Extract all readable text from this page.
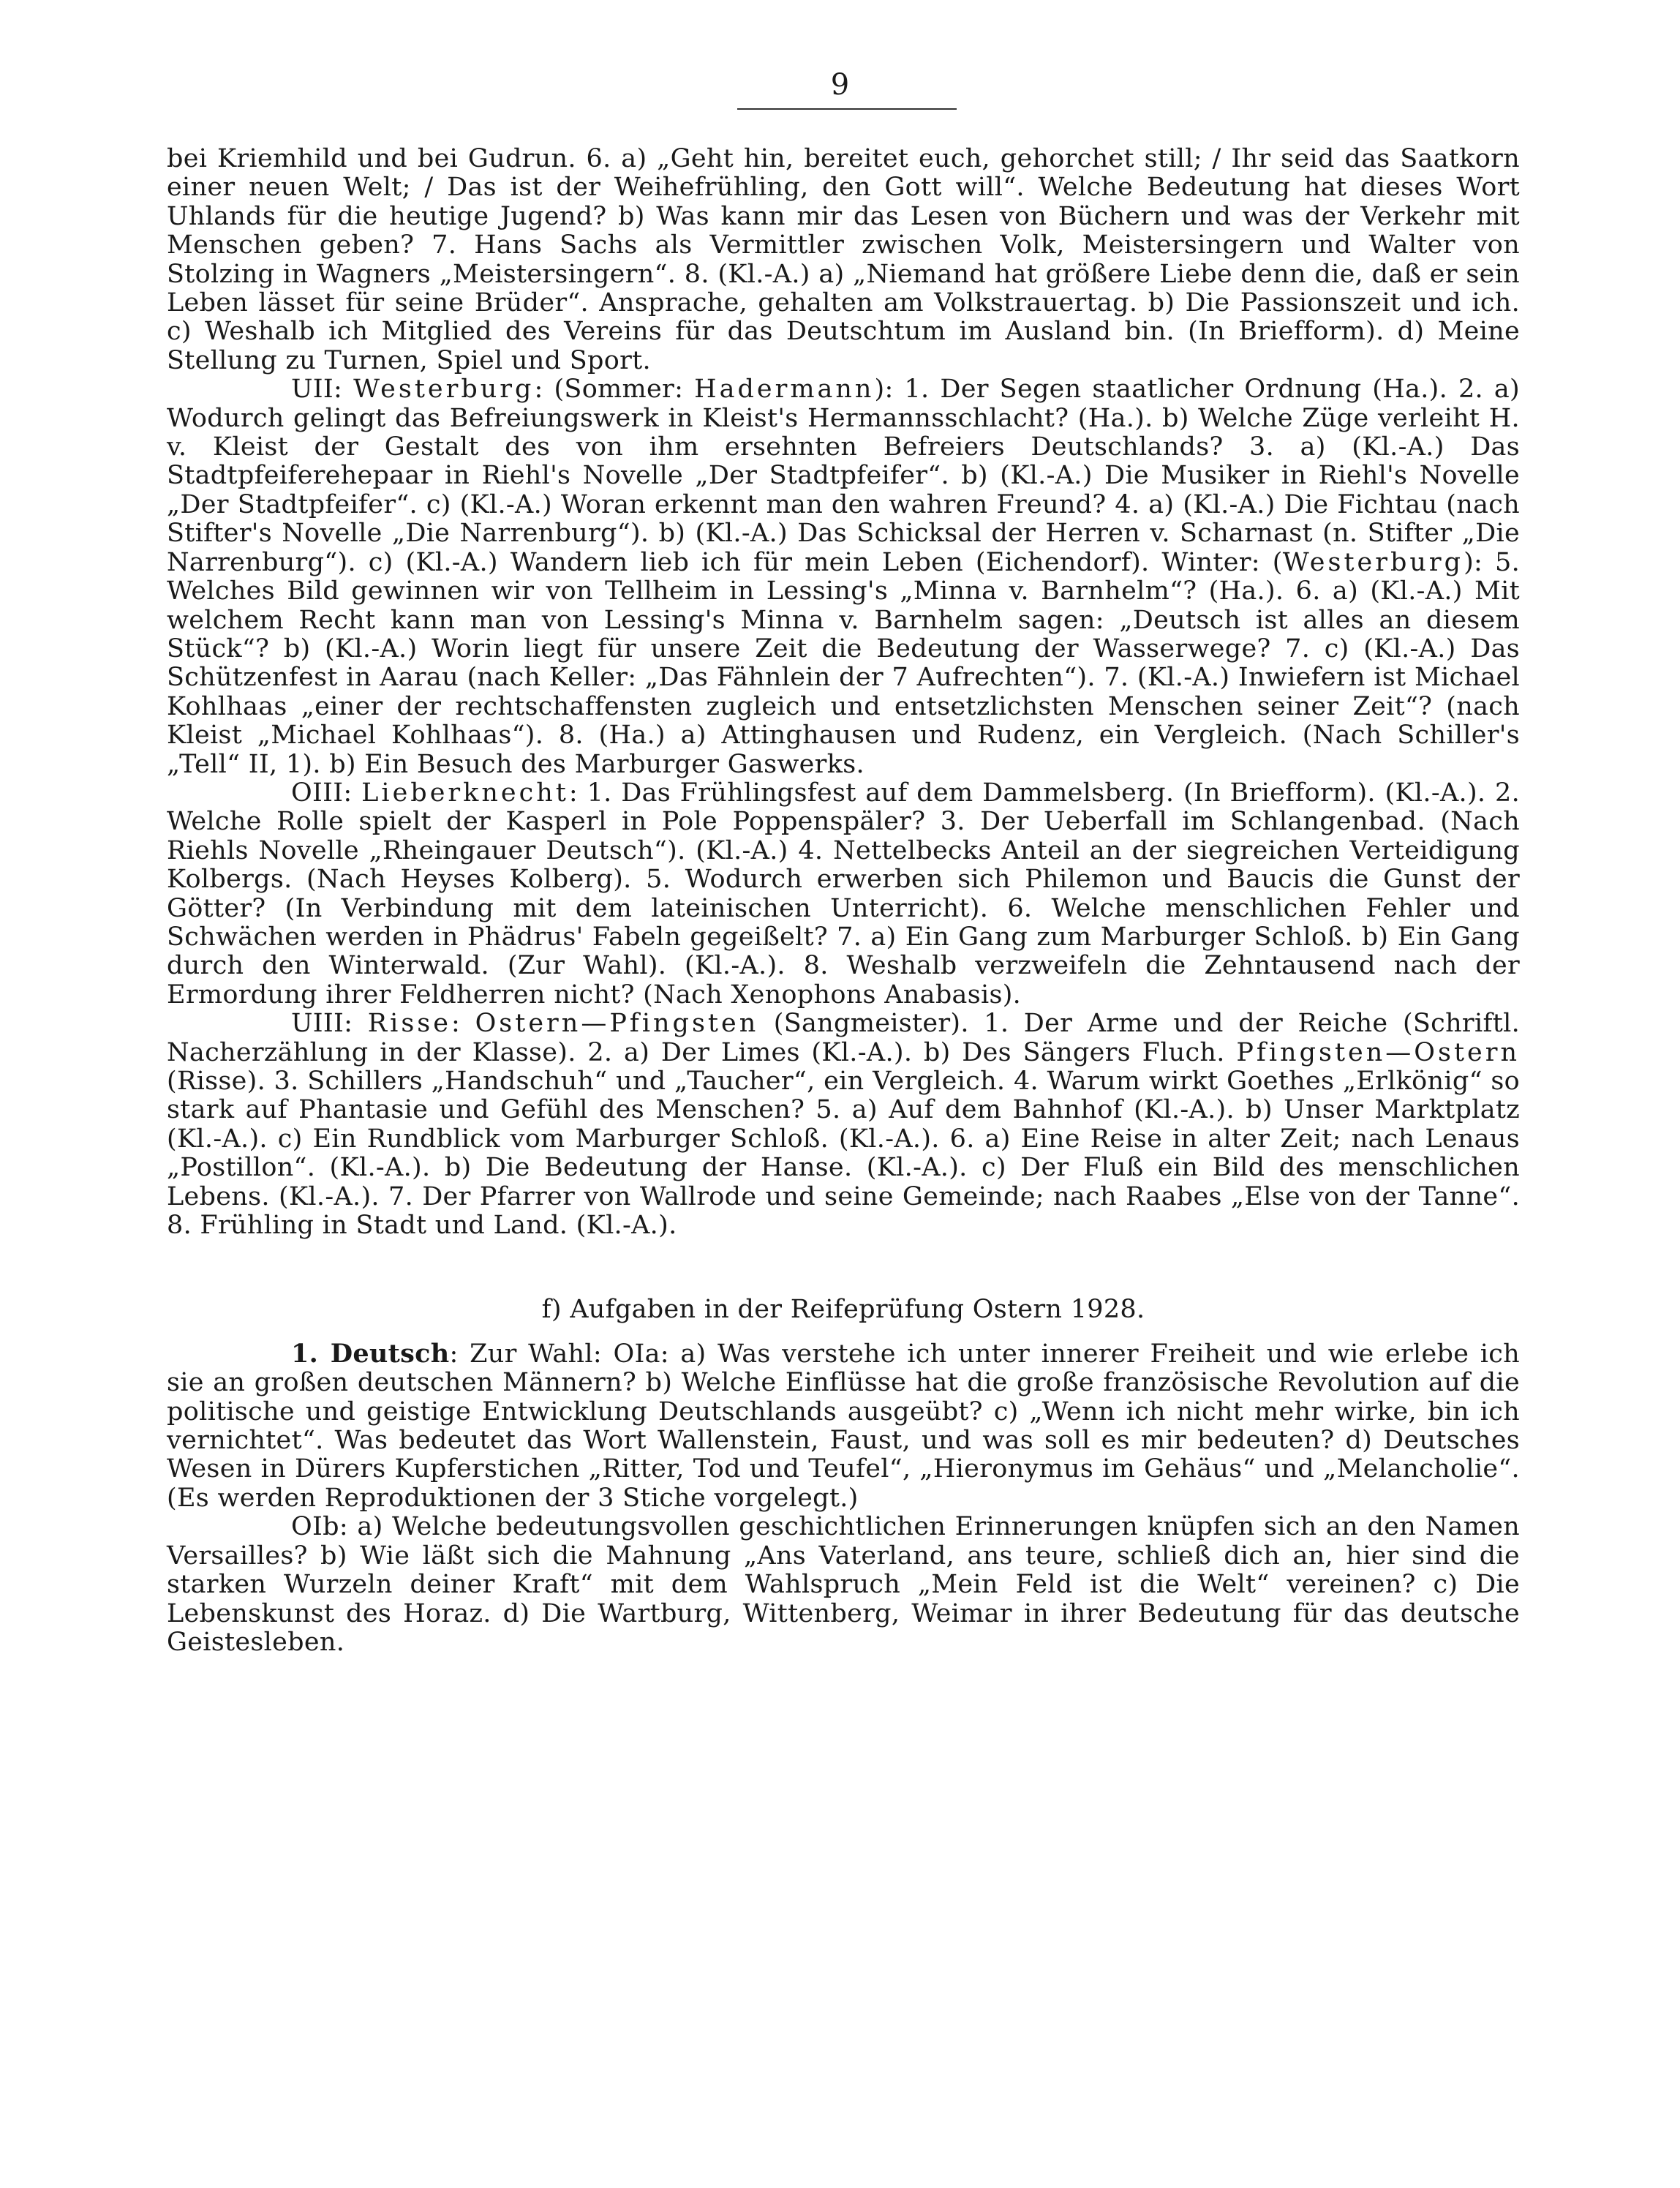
9

bei Kriemhild und bei Gudrun. 6. a) „Geht hin, bereitet euch, gehorchet still; / Ihr seid das Saatkorn einer neuen Welt; / Das ist der Weihefrühling, den Gott will“. Welche Bedeutung hat dieses Wort Uhlands für die heutige Jugend? b) Was kann mir das Lesen von Büchern und was der Verkehr mit Menschen geben? 7. Hans Sachs als Vermittler zwischen Volk, Meistersingern und Walter von Stolzing in Wagners „Meistersingern“. 8. (Kl.-A.) a) „Niemand hat größere Liebe denn die, daß er sein Leben lässet für seine Brüder“. Ansprache, gehalten am Volkstrauertag. b) Die Passionszeit und ich. c) Weshalb ich Mitglied des Vereins für das Deutschtum im Ausland bin. (In Briefform). d) Meine Stellung zu Turnen, Spiel und Sport.

UII: Westerburg: (Sommer: Hadermann): 1. Der Segen staatlicher Ordnung (Ha.). 2. a) Wodurch gelingt das Befreiungswerk in Kleist's Hermannsschlacht? (Ha.). b) Welche Züge verleiht H. v. Kleist der Gestalt des von ihm ersehnten Befreiers Deutschlands? 3. a) (Kl.-A.) Das Stadtpfeiferehepaar in Riehl's Novelle „Der Stadtpfeifer“. b) (Kl.-A.) Die Musiker in Riehl's Novelle „Der Stadtpfeifer“. c) (Kl.-A.) Woran erkennt man den wahren Freund? 4. a) (Kl.-A.) Die Fichtau (nach Stifter's Novelle „Die Narrenburg“). b) (Kl.-A.) Das Schicksal der Herren v. Scharnast (n. Stifter „Die Narrenburg“). c) (Kl.-A.) Wandern lieb ich für mein Leben (Eichendorf). Winter: (Westerburg): 5. Welches Bild gewinnen wir von Tellheim in Lessing's „Minna v. Barnhelm“? (Ha.). 6. a) (Kl.-A.) Mit welchem Recht kann man von Lessing's Minna v. Barnhelm sagen: „Deutsch ist alles an diesem Stück“? b) (Kl.-A.) Worin liegt für unsere Zeit die Bedeutung der Wasserwege? 7. c) (Kl.-A.) Das Schützenfest in Aarau (nach Keller: „Das Fähnlein der 7 Aufrechten“). 7. (Kl.-A.) Inwiefern ist Michael Kohlhaas „einer der rechtschaffensten zugleich und entsetzlichsten Menschen seiner Zeit“? (nach Kleist „Michael Kohlhaas“). 8. (Ha.) a) Attinghausen und Rudenz, ein Vergleich. (Nach Schiller's „Tell“ II, 1). b) Ein Besuch des Marburger Gaswerks.

OIII: Lieberknecht: 1. Das Frühlingsfest auf dem Dammelsberg. (In Briefform). (Kl.-A.). 2. Welche Rolle spielt der Kasperl in Pole Poppenspäler? 3. Der Ueberfall im Schlangenbad. (Nach Riehls Novelle „Rheingauer Deutsch“). (Kl.-A.) 4. Nettelbecks Anteil an der siegreichen Verteidigung Kolbergs. (Nach Heyses Kolberg). 5. Wodurch erwerben sich Philemon und Baucis die Gunst der Götter? (In Verbindung mit dem lateinischen Unterricht). 6. Welche menschlichen Fehler und Schwächen werden in Phädrus' Fabeln gegeißelt? 7. a) Ein Gang zum Marburger Schloß. b) Ein Gang durch den Winterwald. (Zur Wahl). (Kl.-A.). 8. Weshalb verzweifeln die Zehntausend nach der Ermordung ihrer Feldherren nicht? (Nach Xenophons Anabasis).

UIII: Risse: Ostern—Pfingsten (Sangmeister). 1. Der Arme und der Reiche (Schriftl. Nacherzählung in der Klasse). 2. a) Der Limes (Kl.-A.). b) Des Sängers Fluch. Pfingsten—Ostern (Risse). 3. Schillers „Handschuh“ und „Taucher“, ein Vergleich. 4. Warum wirkt Goethes „Erlkönig“ so stark auf Phantasie und Gefühl des Menschen? 5. a) Auf dem Bahnhof (Kl.-A.). b) Unser Marktplatz (Kl.-A.). c) Ein Rundblick vom Marburger Schloß. (Kl.-A.). 6. a) Eine Reise in alter Zeit; nach Lenaus „Postillon“. (Kl.-A.). b) Die Bedeutung der Hanse. (Kl.-A.). c) Der Fluß ein Bild des menschlichen Lebens. (Kl.-A.). 7. Der Pfarrer von Wallrode und seine Gemeinde; nach Raabes „Else von der Tanne“. 8. Frühling in Stadt und Land. (Kl.-A.).

f) Aufgaben in der Reifeprüfung Ostern 1928.

1. Deutsch: Zur Wahl: OIa: a) Was verstehe ich unter innerer Freiheit und wie erlebe ich sie an großen deutschen Männern? b) Welche Einflüsse hat die große französische Revolution auf die politische und geistige Entwicklung Deutschlands ausgeübt? c) „Wenn ich nicht mehr wirke, bin ich vernichtet“. Was bedeutet das Wort Wallenstein, Faust, und was soll es mir bedeuten? d) Deutsches Wesen in Dürers Kupferstichen „Ritter, Tod und Teufel“, „Hieronymus im Gehäus“ und „Melancholie“. (Es werden Reproduktionen der 3 Stiche vorgelegt.)

OIb: a) Welche bedeutungsvollen geschichtlichen Erinnerungen knüpfen sich an den Namen Versailles? b) Wie läßt sich die Mahnung „Ans Vaterland, ans teure, schließ dich an, hier sind die starken Wurzeln deiner Kraft“ mit dem Wahlspruch „Mein Feld ist die Welt“ vereinen? c) Die Lebenskunst des Horaz. d) Die Wartburg, Wittenberg, Weimar in ihrer Bedeutung für das deutsche Geistesleben.
